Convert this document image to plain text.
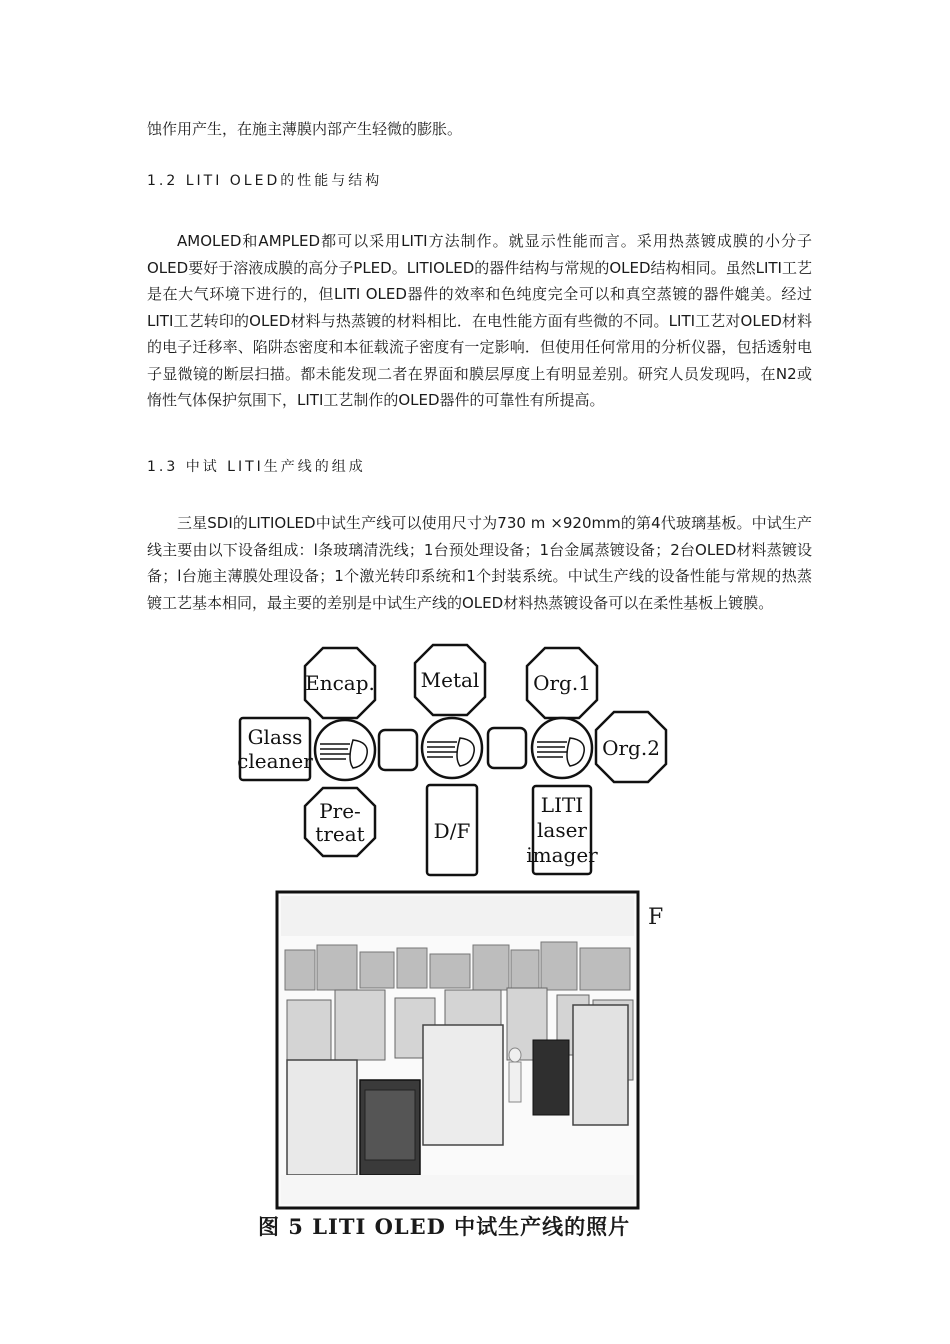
蚀作用产生，在施主薄膜内部产生轻微的膨胀。

1.2 LITI OLED的性能与结构

AMOLED和AMPLED都可以采用LITI方法制作。就显示性能而言。采用热蒸镀成膜的小分子OLED要好于溶液成膜的高分子PLED。LITIOLED的器件结构与常规的OLED结构相同。虽然LITI工艺是在大气环境下进行的，但LITI OLED器件的效率和色纯度完全可以和真空蒸镀的器件媲美。经过LITI工艺转印的OLED材料与热蒸镀的材料相比．在电性能方面有些微的不同。LITI工艺对OLED材料的电子迁移率、陷阱态密度和本征载流子密度有一定影响．但使用任何常用的分析仪器，包括透射电子显微镜的断层扫描。都未能发现二者在界面和膜层厚度上有明显差别。研究人员发现吗，在N2或惰性气体保护氛围下，LITI工艺制作的OLED器件的可靠性有所提高。

1.3 中试 LITI生产线的组成

三星SDI的LITIOLED中试生产线可以使用尺寸为730 m ×920mm的第4代玻璃基板。中试生产线主要由以下设备组成：l条玻璃清洗线；1台预处理设备；1台金属蒸镀设备；2台OLED材料蒸镀设备；l台施主薄膜处理设备；1个激光转印系统和1个封装系统。中试生产线的设备性能与常规的热蒸镀工艺基本相同，最主要的差别是中试生产线的OLED材料热蒸镀设备可以在柔性基板上镀膜。

Encap. Metal	Org.1
Org.2
Glass
cleaner
Pre-
treat	D/F
LITI
laser
imager
F

图 5 LITI OLED 中试生产线的照片
